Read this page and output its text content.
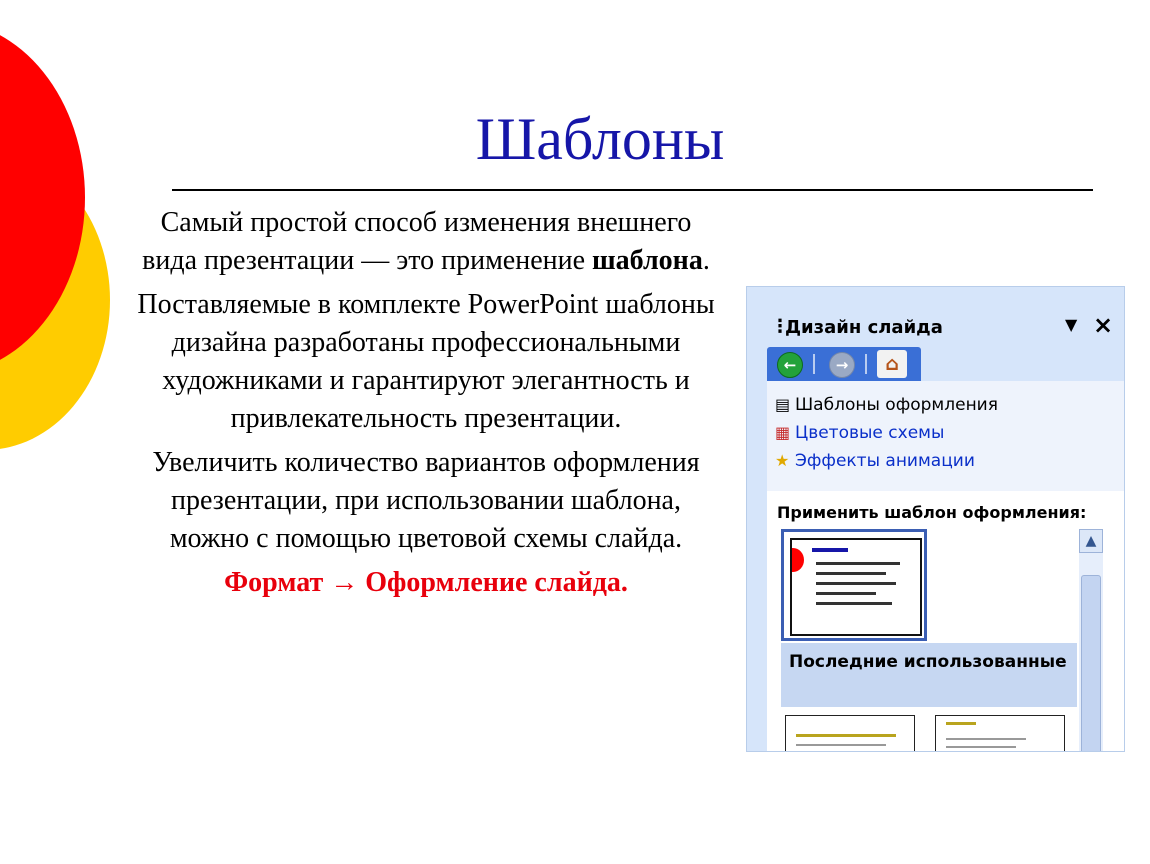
Шаблоны

Самый простой способ изменения внешнего вида презентации — это применение шаблона.

Поставляемые в комплекте PowerPoint шаблоны дизайна разработаны профессиональными художниками и гарантируют элегантность и привлекательность презентации.

Увеличить количество вариантов оформления презентации, при использовании шаблона, можно с помощью цветовой схемы слайда.

Формат → Оформление слайда.

⋮
Дизайн слайда	▼ ×
←	→	⌂
▤ Шаблоны оформления
▦ Цветовые схемы
★ Эффекты анимации
Применить шаблон оформления:
Последние использованные
▲
